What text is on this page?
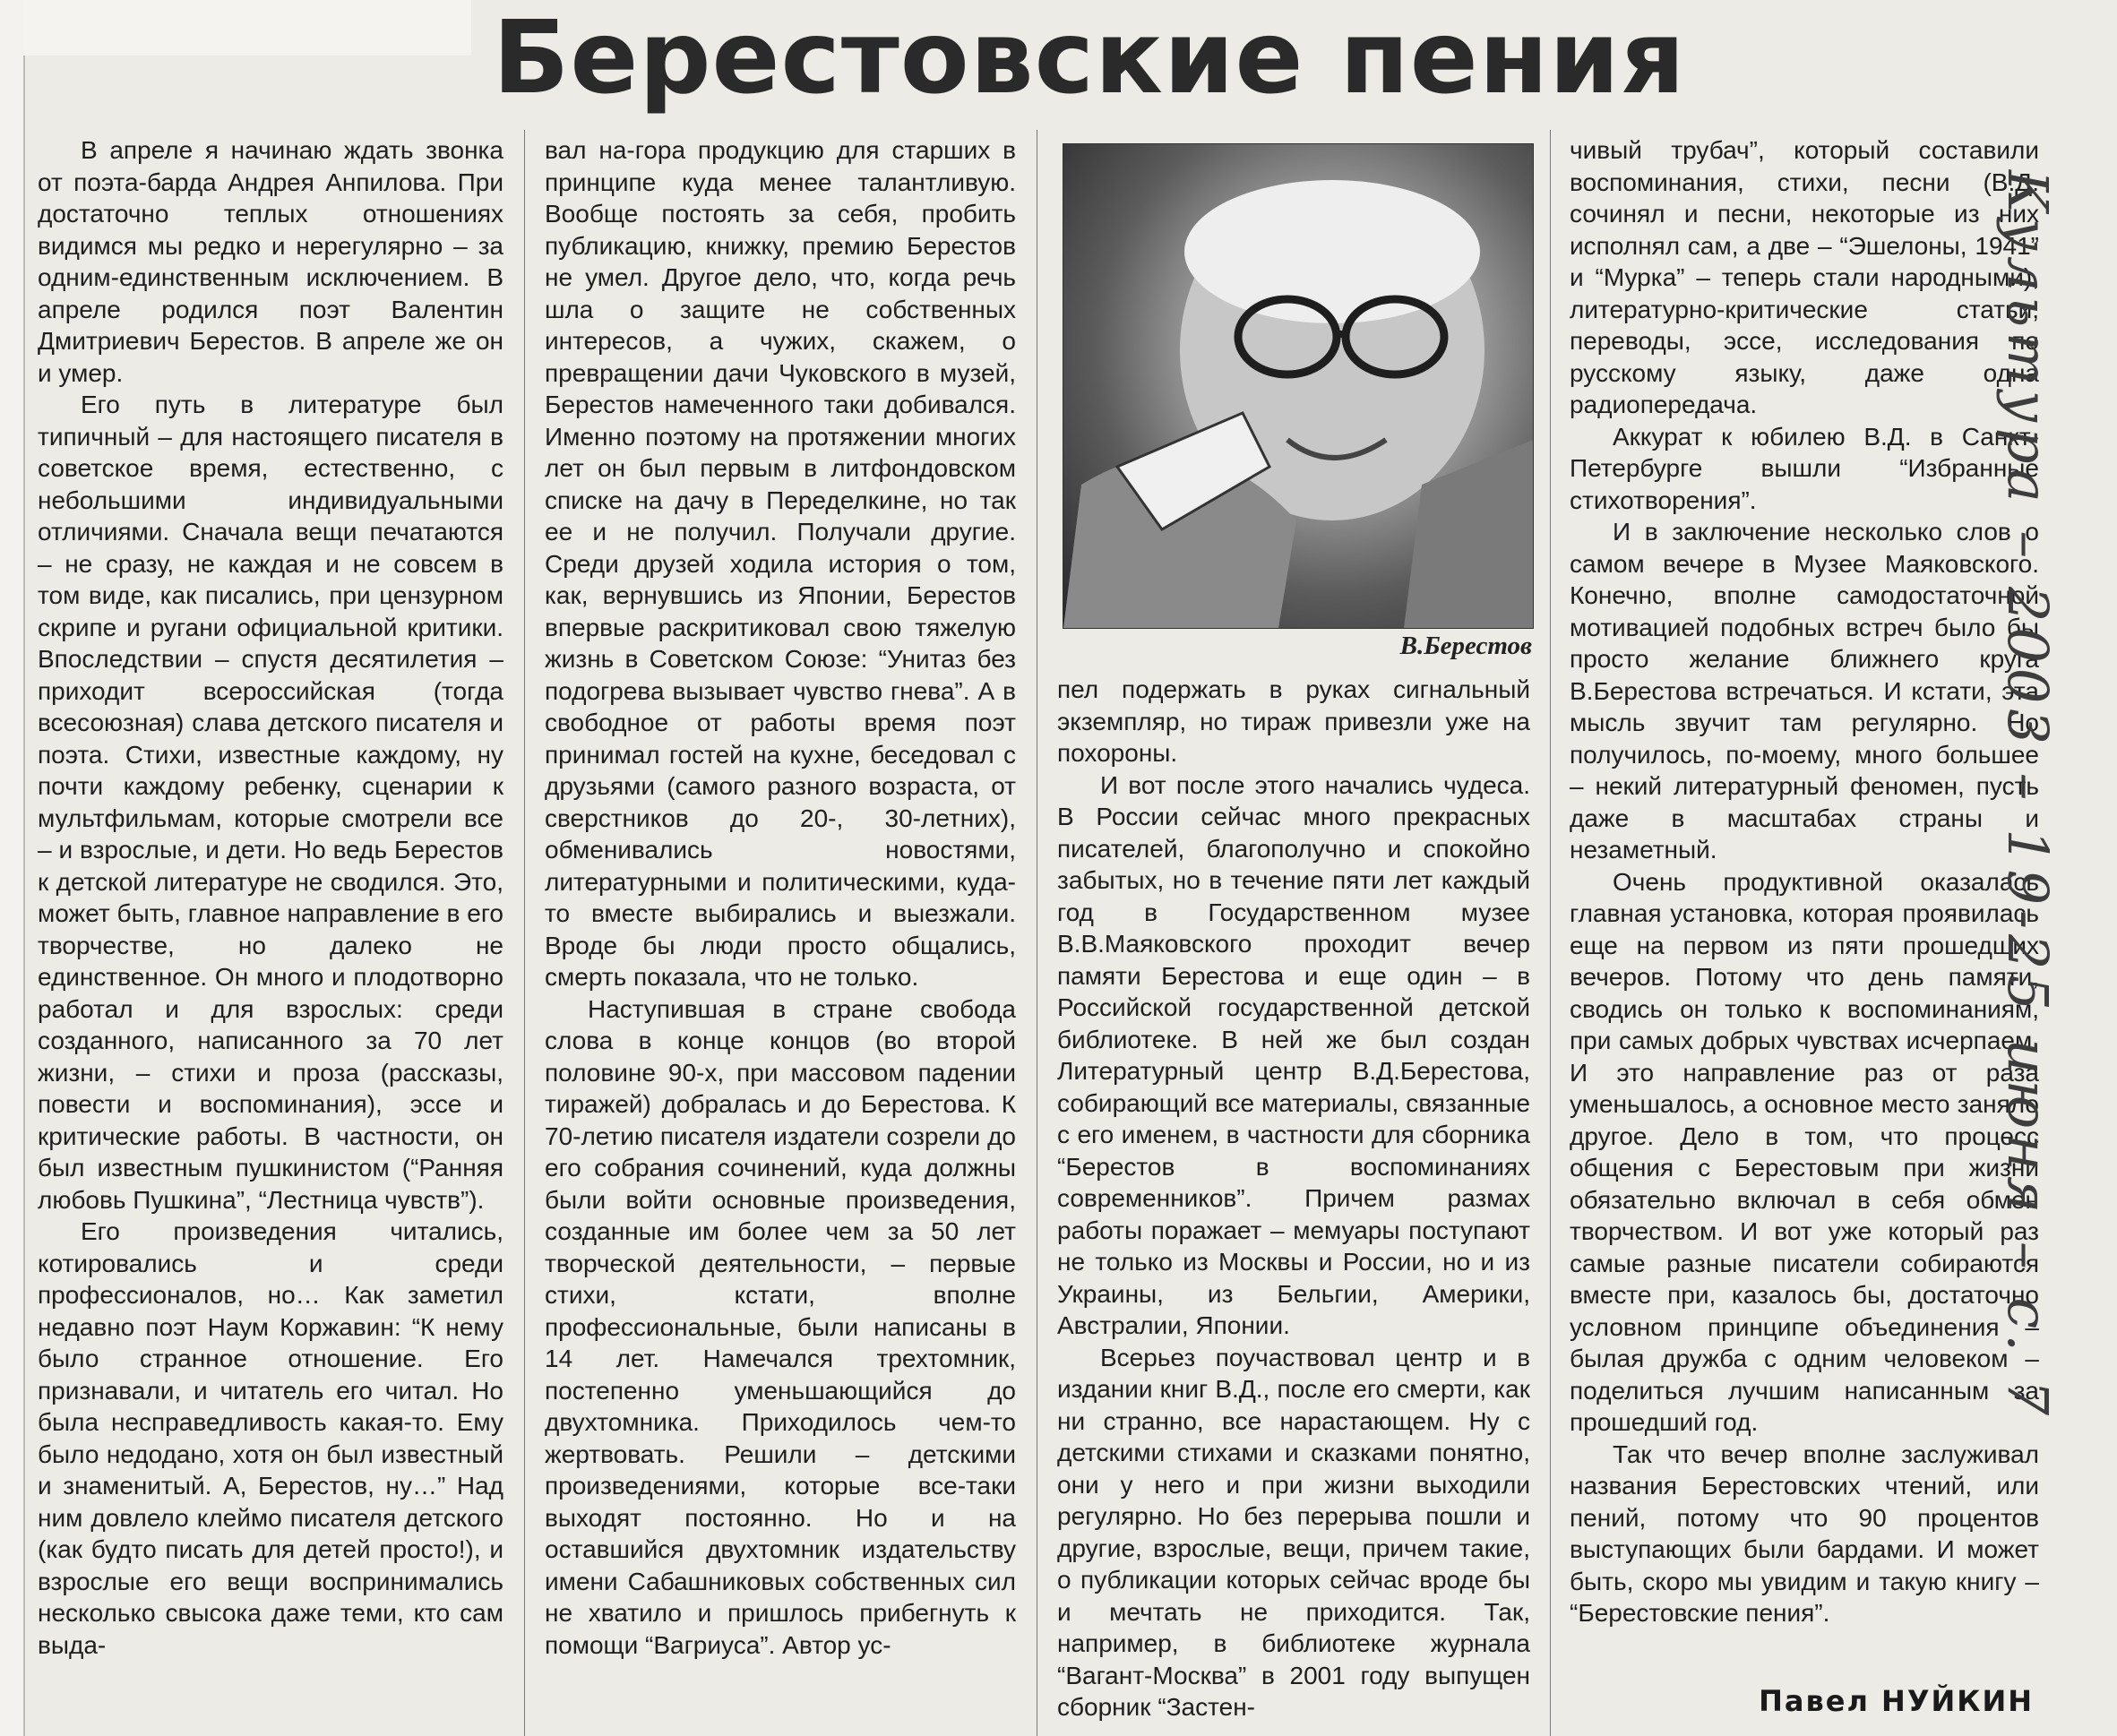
Берестовские пения

В апреле я начинаю ждать звонка от поэта-барда Андрея Анпилова. При достаточно теплых отношениях видимся мы редко и нерегулярно – за одним-единственным исключением. В апреле родился поэт Валентин Дмитриевич Берестов. В апреле же он и умер.

Его путь в литературе был типичный – для настоящего писателя в советское время, естественно, с небольшими индивидуальными отличиями. Сначала вещи печатаются – не сразу, не каждая и не совсем в том виде, как писались, при цензурном скрипе и ругани официальной критики. Впоследствии – спустя десятилетия – приходит всероссийская (тогда всесоюзная) слава детского писателя и поэта. Стихи, известные каждому, ну почти каждому ребенку, сценарии к мультфильмам, которые смотрели все – и взрослые, и дети. Но ведь Берестов к детской литературе не сводился. Это, может быть, главное направление в его творчестве, но далеко не единственное. Он много и плодотворно работал и для взрослых: среди созданного, написанного за 70 лет жизни, – стихи и проза (рассказы, повести и воспоминания), эссе и критические работы. В частности, он был известным пушкинистом (“Ранняя любовь Пушкина”, “Лестница чувств”).

Его произведения читались, котировались и среди профессионалов, но… Как заметил недавно поэт Наум Коржавин: “К нему было странное отношение. Его признавали, и читатель его читал. Но была несправедливость какая-то. Ему было недодано, хотя он был известный и знаменитый. А, Берестов, ну…” Над ним довлело клеймо писателя детского (как будто писать для детей просто!), и взрослые его вещи воспринимались несколько свысока даже теми, кто сам выда-

вал на-гора продукцию для старших в принципе куда менее талантливую. Вообще постоять за себя, пробить публикацию, книжку, премию Берестов не умел. Другое дело, что, когда речь шла о защите не собственных интересов, а чужих, скажем, о превращении дачи Чуковского в музей, Берестов намеченного таки добивался. Именно поэтому на протяжении многих лет он был первым в литфондовском списке на дачу в Переделкине, но так ее и не получил. Получали другие. Среди друзей ходила история о том, как, вернувшись из Японии, Берестов впервые раскритиковал свою тяжелую жизнь в Советском Союзе: “Унитаз без подогрева вызывает чувство гнева”. А в свободное от работы время поэт принимал гостей на кухне, беседовал с друзьями (самого разного возраста, от сверстников до 20-, 30-летних), обменивались новостями, литературными и политическими, куда-то вместе выбирались и выезжали. Вроде бы люди просто общались, смерть показала, что не только.

Наступившая в стране свобода слова в конце концов (во второй половине 90-х, при массовом падении тиражей) добралась и до Берестова. К 70-летию писателя издатели созрели до его собрания сочинений, куда должны были войти основные произведения, созданные им более чем за 50 лет творческой деятельности, – первые стихи, кстати, вполне профессиональные, были написаны в 14 лет. Намечался трехтомник, постепенно уменьшающийся до двухтомника. Приходилось чем-то жертвовать. Решили – детскими произведениями, которые все-таки выходят постоянно. Но и на оставшийся двухтомник издательству имени Сабашниковых собственных сил не хватило и пришлось прибегнуть к помощи “Вагриуса”. Автор ус-

В.Берестов

пел подержать в руках сигнальный экземпляр, но тираж привезли уже на похороны.

И вот после этого начались чудеса. В России сейчас много прекрасных писателей, благополучно и спокойно забытых, но в течение пяти лет каждый год в Государственном музее В.В.Маяковского проходит вечер памяти Берестова и еще один – в Российской государственной детской библиотеке. В ней же был создан Литературный центр В.Д.Берестова, собирающий все материалы, связанные с его именем, в частности для сборника “Берестов в воспоминаниях современников”. Причем размах работы поражает – мемуары поступают не только из Москвы и России, но и из Украины, из Бельгии, Америки, Австралии, Японии.

Всерьез поучаствовал центр и в издании книг В.Д., после его смерти, как ни странно, все нарастающем. Ну с детскими стихами и сказками понятно, они у него и при жизни выходили регулярно. Но без перерыва пошли и другие, взрослые, вещи, причем такие, о публикации которых сейчас вроде бы и мечтать не приходится. Так, например, в библиотеке журнала “Вагант-Москва” в 2001 году выпущен сборник “Застен-

чивый трубач”, который составили воспоминания, стихи, песни (В.Д. сочинял и песни, некоторые из них исполнял сам, а две – “Эшелоны, 1941” и “Мурка” – теперь стали народными), литературно-критические статьи, переводы, эссе, исследования по русскому языку, даже одна радиопередача.

Аккурат к юбилею В.Д. в Санкт-Петербурге вышли “Избранные стихотворения”.

И в заключение несколько слов о самом вечере в Музее Маяковского. Конечно, вполне самодостаточной мотивацией подобных встреч было бы просто желание ближнего круга В.Берестова встречаться. И кстати, эта мысль звучит там регулярно. Но получилось, по-моему, много большее – некий литературный феномен, пусть даже в масштабах страны и незаметный.

Очень продуктивной оказалась главная установка, которая проявилась еще на первом из пяти прошедших вечеров. Потому что день памяти, сводись он только к воспоминаниям, при самых добрых чувствах исчерпаем. И это направление раз от раза уменьшалось, а основное место заняло другое. Дело в том, что процесс общения с Берестовым при жизни обязательно включал в себя обмен творчеством. И вот уже который раз самые разные писатели собираются вместе при, казалось бы, достаточно условном принципе объединения – былая дружба с одним человеком – поделиться лучшим написанным за прошедший год.

Так что вечер вполне заслуживал названия Берестовских чтений, или пений, потому что 90 процентов выступающих были бардами. И может быть, скоро мы увидим и такую книгу – “Берестовские пения”.

Павел НУЙКИН
Культура – 2003 – 19-25 июня – с. 7
